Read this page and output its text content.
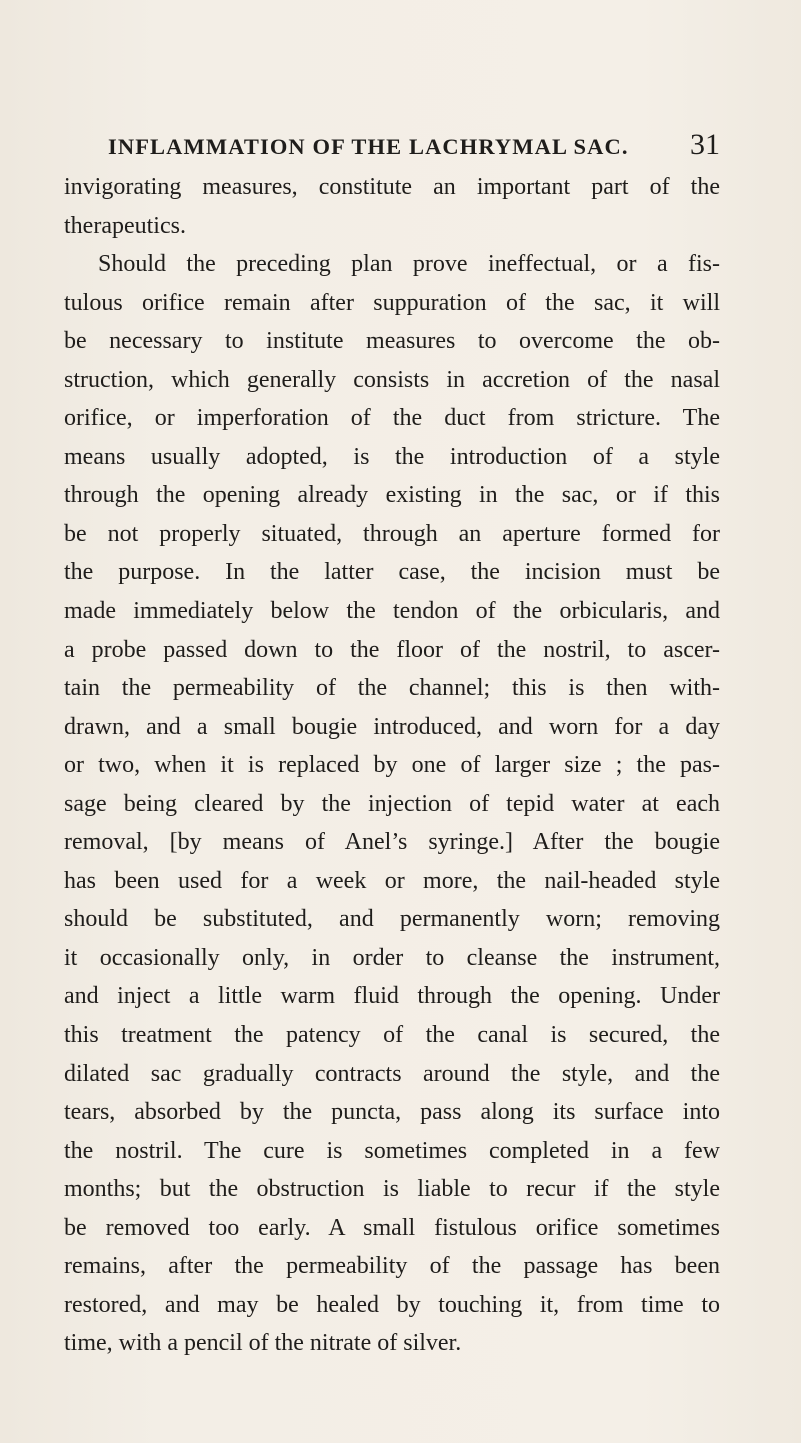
INFLAMMATION OF THE LACHRYMAL SAC. 31
invigorating measures, constitute an important part of the
therapeutics.
Should the preceding plan prove ineffectual, or a fis-
tulous orifice remain after suppuration of the sac, it will
be necessary to institute measures to overcome the ob-
struction, which generally consists in accretion of the nasal
orifice, or imperforation of the duct from stricture. The
means usually adopted, is the introduction of a style
through the opening already existing in the sac, or if this
be not properly situated, through an aperture formed for
the purpose. In the latter case, the incision must be
made immediately below the tendon of the orbicularis, and
a probe passed down to the floor of the nostril, to ascer-
tain the permeability of the channel; this is then with-
drawn, and a small bougie introduced, and worn for a day
or two, when it is replaced by one of larger size ; the pas-
sage being cleared by the injection of tepid water at each
removal, [by means of Anel’s syringe.] After the bougie
has been used for a week or more, the nail-headed style
should be substituted, and permanently worn; removing
it occasionally only, in order to cleanse the instrument,
and inject a little warm fluid through the opening. Under
this treatment the patency of the canal is secured, the
dilated sac gradually contracts around the style, and the
tears, absorbed by the puncta, pass along its surface into
the nostril. The cure is sometimes completed in a few
months; but the obstruction is liable to recur if the style
be removed too early. A small fistulous orifice sometimes
remains, after the permeability of the passage has been
restored, and may be healed by touching it, from time to
time, with a pencil of the nitrate of silver.
